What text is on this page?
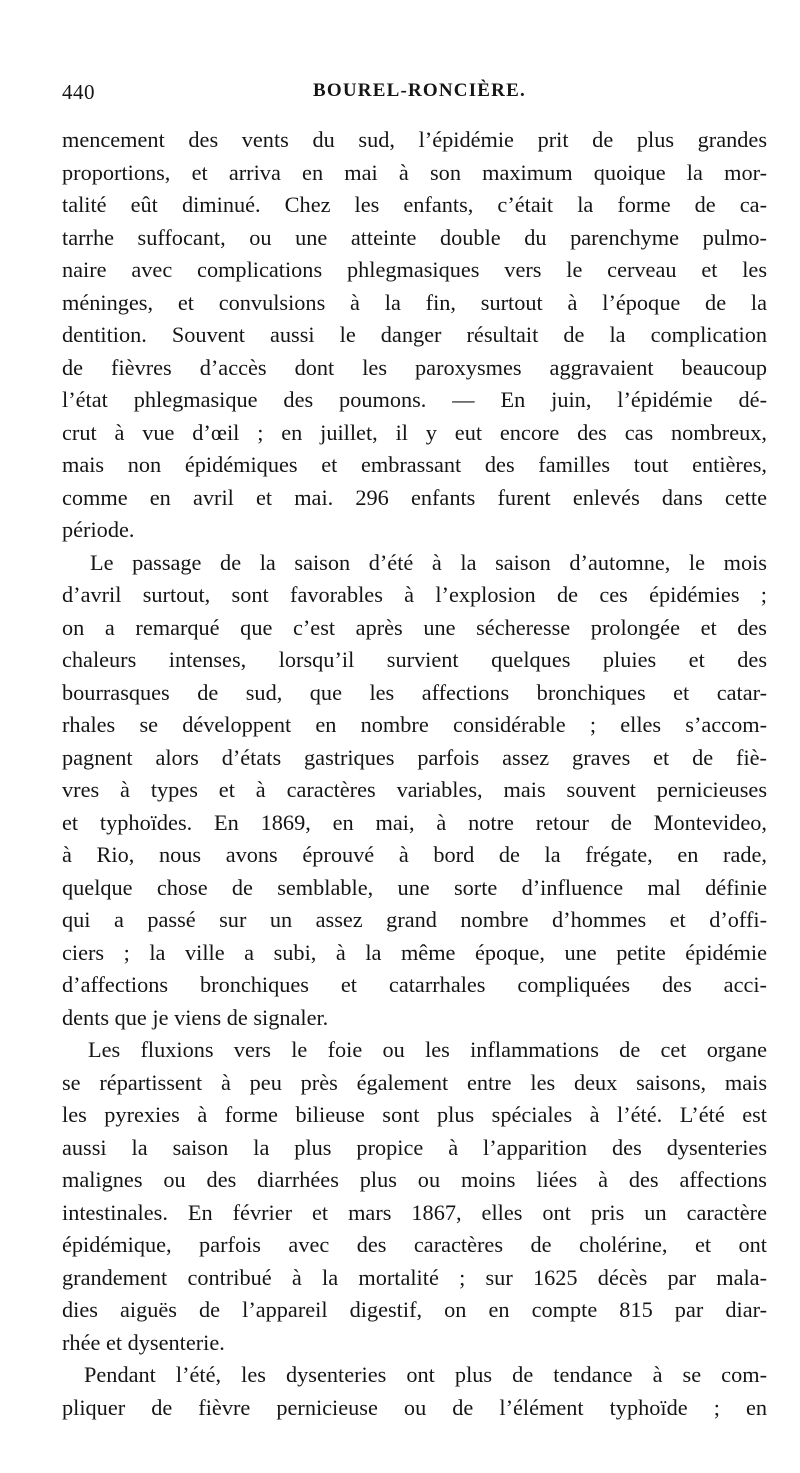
440	BOUREL-RONCIÈRE.
mencement des vents du sud, l’épidémie prit de plus grandes
proportions, et arriva en mai à son maximum quoique la mor-
talité eût diminué. Chez les enfants, c’était la forme de ca-
tarrhe suffocant, ou une atteinte double du parenchyme pulmo-
naire avec complications phlegmasiques vers le cerveau et les
méninges, et convulsions à la fin, surtout à l’époque de la
dentition. Souvent aussi le danger résultait de la complication
de fièvres d’accès dont les paroxysmes aggravaient beaucoup
l’état phlegmasique des poumons. — En juin, l’épidémie dé-
crut à vue d’œil ; en juillet, il y eut encore des cas nombreux,
mais non épidémiques et embrassant des familles tout entières,
comme en avril et mai. 296 enfants furent enlevés dans cette
période.
Le passage de la saison d’été à la saison d’automne, le mois
d’avril surtout, sont favorables à l’explosion de ces épidémies ;
on a remarqué que c’est après une sécheresse prolongée et des
chaleurs intenses, lorsqu’il survient quelques pluies et des
bourrasques de sud, que les affections bronchiques et catar-
rhales se développent en nombre considérable ; elles s’accom-
pagnent alors d’états gastriques parfois assez graves et de fiè-
vres à types et à caractères variables, mais souvent pernicieuses
et typhoïdes. En 1869, en mai, à notre retour de Montevideo,
à Rio, nous avons éprouvé à bord de la frégate, en rade,
quelque chose de semblable, une sorte d’influence mal définie
qui a passé sur un assez grand nombre d’hommes et d’offi-
ciers ; la ville a subi, à la même époque, une petite épidémie
d’affections bronchiques et catarrhales compliquées des acci-
dents que je viens de signaler.
Les fluxions vers le foie ou les inflammations de cet organe
se répartissent à peu près également entre les deux saisons, mais
les pyrexies à forme bilieuse sont plus spéciales à l’été. L’été est
aussi la saison la plus propice à l’apparition des dysenteries
malignes ou des diarrhées plus ou moins liées à des affections
intestinales. En février et mars 1867, elles ont pris un caractère
épidémique, parfois avec des caractères de cholérine, et ont
grandement contribué à la mortalité ; sur 1625 décès par mala-
dies aiguës de l’appareil digestif, on en compte 815 par diar-
rhée et dysenterie.
Pendant l’été, les dysenteries ont plus de tendance à se com-
pliquer de fièvre pernicieuse ou de l’élément typhoïde ; en
